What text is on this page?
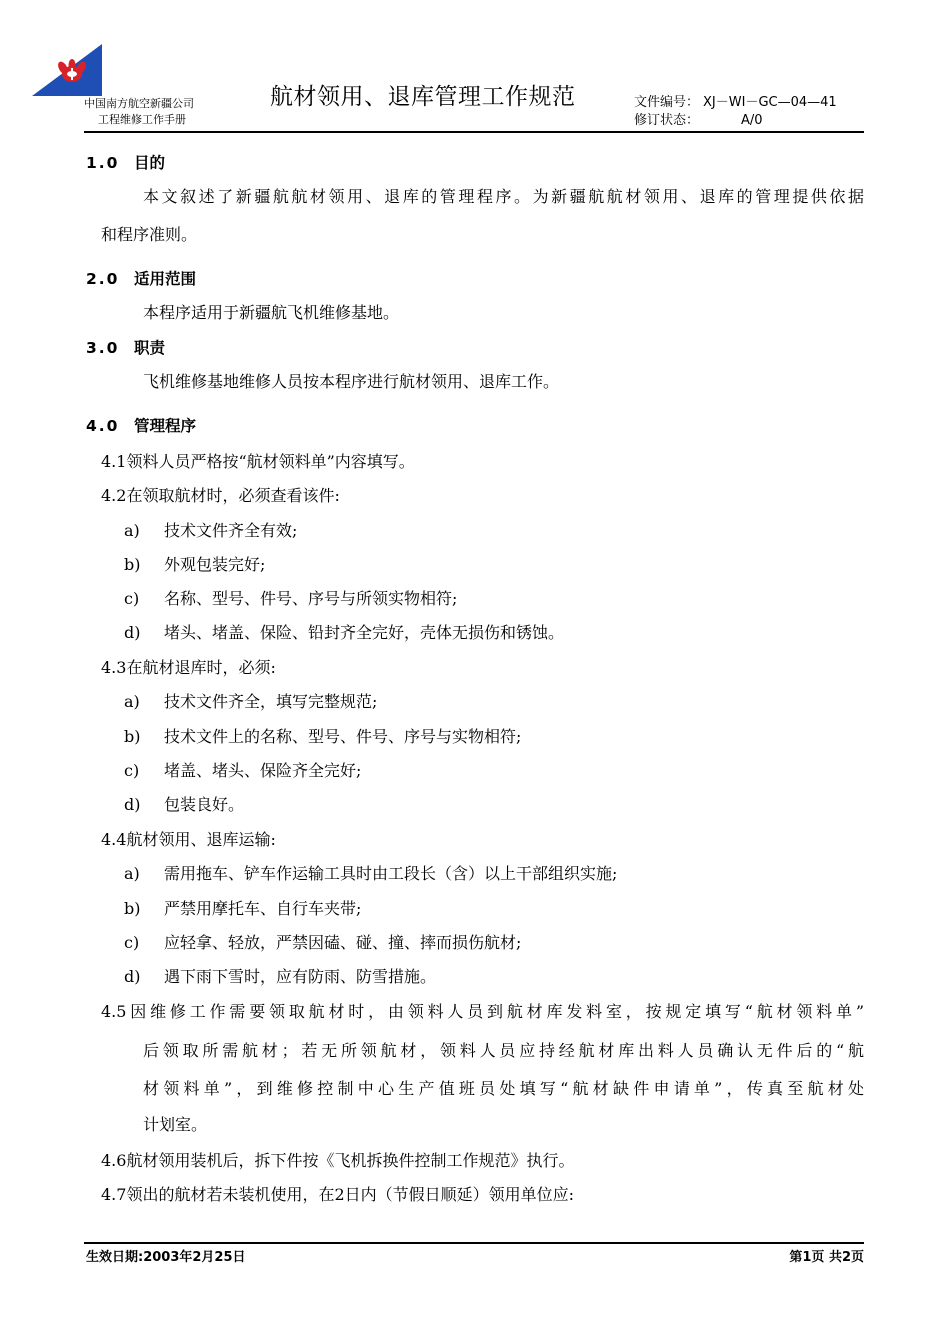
中国南方航空新疆公司
工程维修工作手册
航材领用、退库管理工作规范	文件编号： XJ－WI－GC—04—41
修订状态：	A/0
1.0 目的
本文叙述了新疆航航材领用、退库的管理程序。为新疆航航材领用、退库的管理提供依据
和程序准则。
2.0 适用范围
本程序适用于新疆航飞机维修基地。
3.0 职责
飞机维修基地维修人员按本程序进行航材领用、退库工作。
4.0 管理程序
4.1领料人员严格按“航材领料单”内容填写。
4.2在领取航材时，必须查看该件:
a) 技术文件齐全有效;
b) 外观包装完好;
c) 名称、型号、件号、序号与所领实物相符;
d) 堵头、堵盖、保险、铅封齐全完好，壳体无损伤和锈蚀。
4.3在航材退库时，必须:
a) 技术文件齐全，填写完整规范;
b) 技术文件上的名称、型号、件号、序号与实物相符;
c) 堵盖、堵头、保险齐全完好;
d) 包装良好。
4.4航材领用、退库运输:
a) 需用拖车、铲车作运输工具时由工段长（含）以上干部组织实施;
b) 严禁用摩托车、自行车夹带;
c) 应轻拿、轻放，严禁因磕、碰、撞、摔而损伤航材;
d) 遇下雨下雪时，应有防雨、防雪措施。
4.5因维修工作需要领取航材时，由领料人员到航材库发料室，按规定填写“航材领料单”
后领取所需航材；若无所领航材，领料人员应持经航材库出料人员确认无件后的“航
材领料单”，到维修控制中心生产值班员处填写“航材缺件申请单”，传真至航材处
计划室。
4.6航材领用装机后，拆下件按《飞机拆换件控制工作规范》执行。
4.7领出的航材若未装机使用，在2日内（节假日顺延）领用单位应:
生效日期:2003年2月25日	第1页 共2页
